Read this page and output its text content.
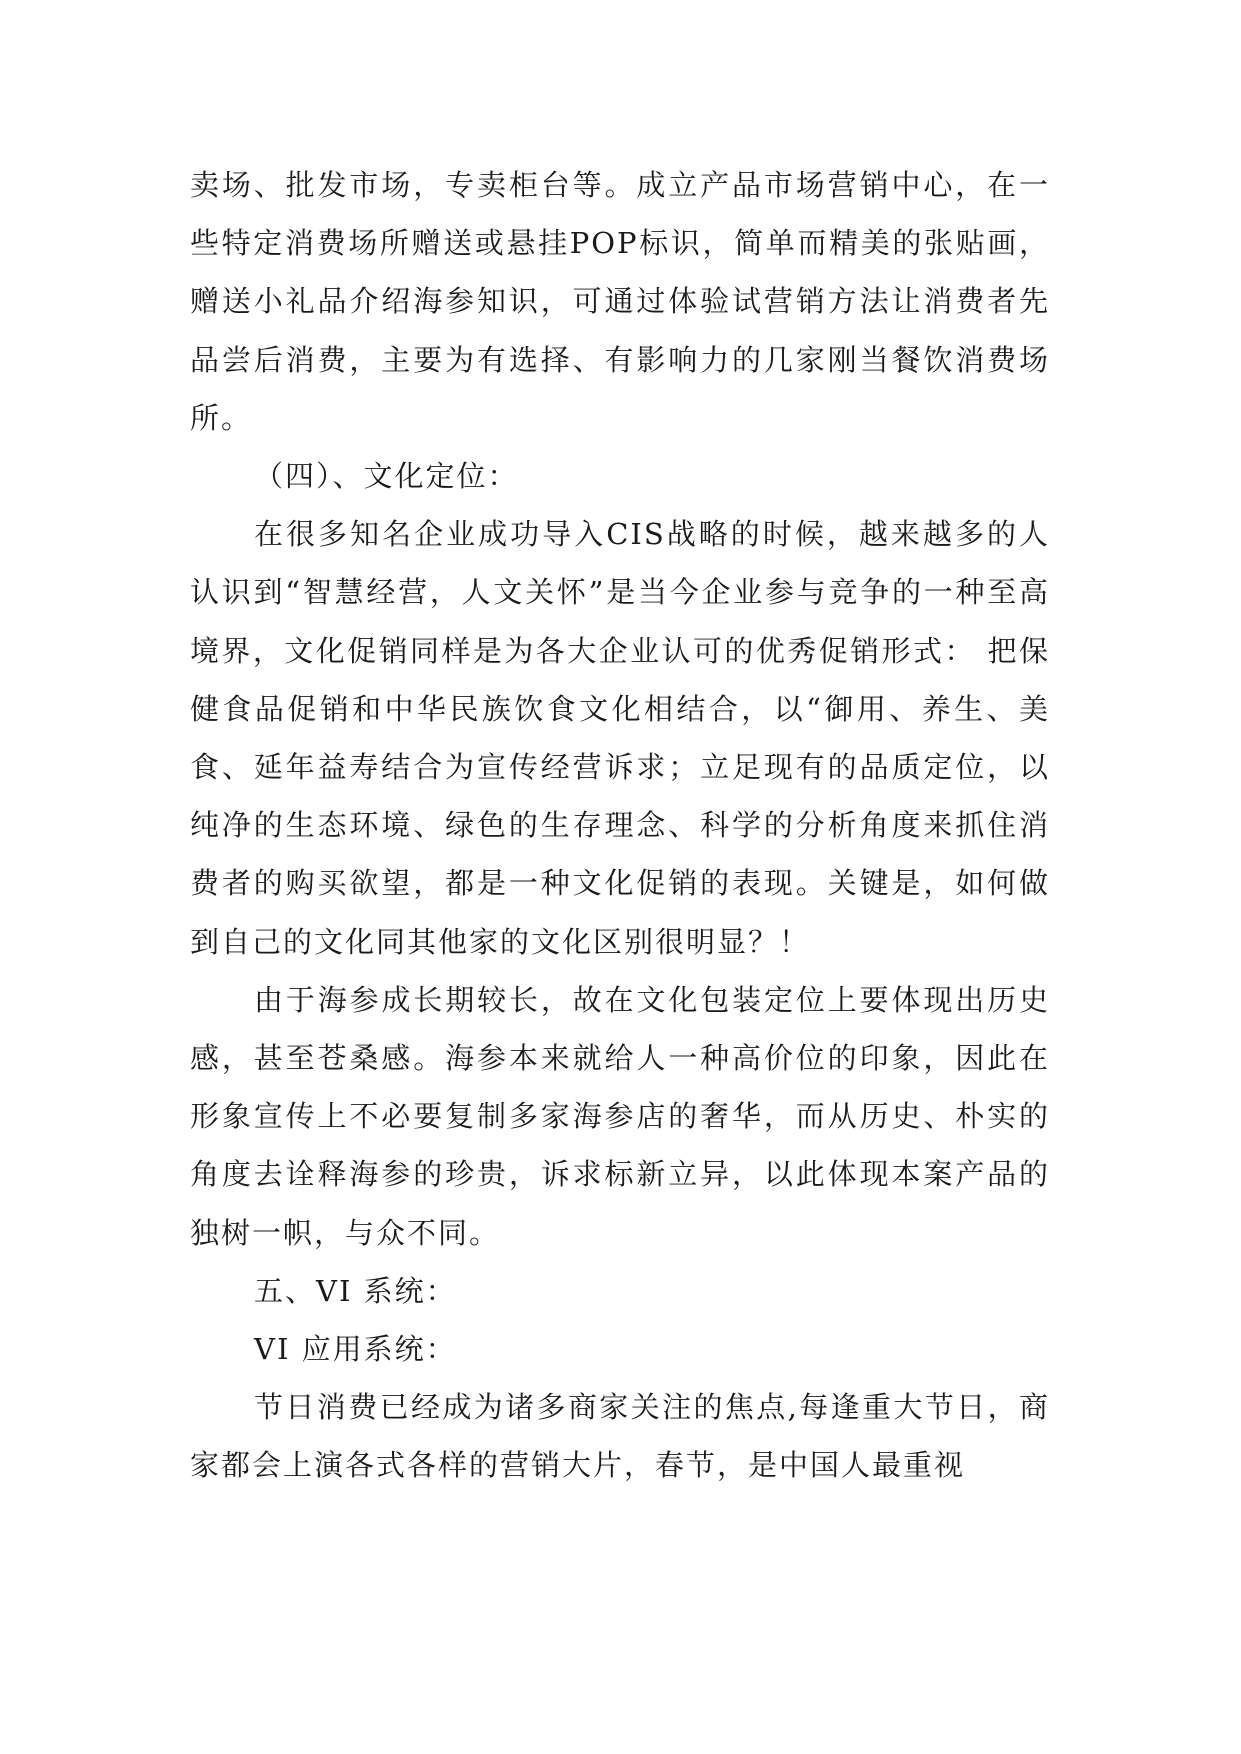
卖场、批发市场，专卖柜台等。成立产品市场营销中心，在一些特定消费场所赠送或悬挂POP标识，简单而精美的张贴画，赠送小礼品介绍海参知识，可通过体验试营销方法让消费者先品尝后消费，主要为有选择、有影响力的几家刚当餐饮消费场所。

（四）、文化定位：

在很多知名企业成功导入CIS战略的时候，越来越多的人认识到“智慧经营，人文关怀”是当今企业参与竞争的一种至高境界，文化促销同样是为各大企业认可的优秀促销形式： 把保健食品促销和中华民族饮食文化相结合，以“御用、养生、美食、延年益寿结合为宣传经营诉求；立足现有的品质定位，以纯净的生态环境、绿色的生存理念、科学的分析角度来抓住消费者的购买欲望，都是一种文化促销的表现。关键是，如何做到自己的文化同其他家的文化区别很明显？！

由于海参成长期较长，故在文化包装定位上要体现出历史感，甚至苍桑感。海参本来就给人一种高价位的印象，因此在形象宣传上不必要复制多家海参店的奢华，而从历史、朴实的角度去诠释海参的珍贵，诉求标新立异，以此体现本案产品的独树一帜，与众不同。

五、VI 系统：

VI 应用系统：

节日消费已经成为诸多商家关注的焦点,每逢重大节日，商家都会上演各式各样的营销大片，春节，是中国人最重视
